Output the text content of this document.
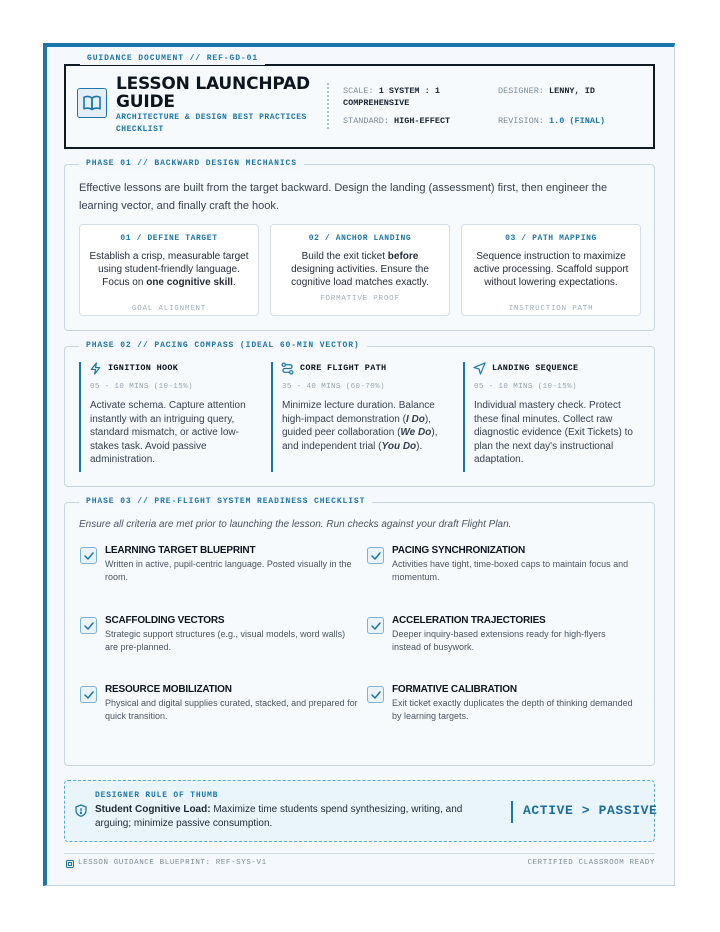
GUIDANCE DOCUMENT // REF-GD-01
LESSON LAUNCHPAD GUIDE
ARCHITECTURE & DESIGN BEST PRACTICES CHECKLIST
SCALE: 1 SYSTEM : 1 COMPREHENSIVE
STANDARD: HIGH-EFFECT
DESIGNER: LENNY, ID
REVISION: 1.0 (FINAL)
PHASE 01 // BACKWARD DESIGN MECHANICS
Effective lessons are built from the target backward. Design the landing (assessment) first, then engineer the learning vector, and finally craft the hook.
01 / DEFINE TARGET
Establish a crisp, measurable target using student-friendly language. Focus on one cognitive skill.
GOAL ALIGNMENT
02 / ANCHOR LANDING
Build the exit ticket before designing activities. Ensure the cognitive load matches exactly.
FORMATIVE PROOF
03 / PATH MAPPING
Sequence instruction to maximize active processing. Scaffold support without lowering expectations.
INSTRUCTION PATH
PHASE 02 // PACING COMPASS (IDEAL 60-MIN VECTOR)
IGNITION HOOK
05 - 10 MINS (10-15%)
Activate schema. Capture attention instantly with an intriguing query, standard mismatch, or active low-stakes task. Avoid passive administration.
CORE FLIGHT PATH
35 - 40 MINS (60-70%)
Minimize lecture duration. Balance high-impact demonstration (I Do), guided peer collaboration (We Do), and independent trial (You Do).
LANDING SEQUENCE
05 - 10 MINS (10-15%)
Individual mastery check. Protect these final minutes. Collect raw diagnostic evidence (Exit Tickets) to plan the next day's instructional adaptation.
PHASE 03 // PRE-FLIGHT SYSTEM READINESS CHECKLIST
Ensure all criteria are met prior to launching the lesson. Run checks against your draft Flight Plan.
LEARNING TARGET BLUEPRINT
Written in active, pupil-centric language. Posted visually in the room.
PACING SYNCHRONIZATION
Activities have tight, time-boxed caps to maintain focus and momentum.
SCAFFOLDING VECTORS
Strategic support structures (e.g., visual models, word walls) are pre-planned.
ACCELERATION TRAJECTORIES
Deeper inquiry-based extensions ready for high-flyers instead of busywork.
RESOURCE MOBILIZATION
Physical and digital supplies curated, stacked, and prepared for quick transition.
FORMATIVE CALIBRATION
Exit ticket exactly duplicates the depth of thinking demanded by learning targets.
DESIGNER RULE OF THUMB
Student Cognitive Load: Maximize time students spend synthesizing, writing, and arguing; minimize passive consumption.
ACTIVE > PASSIVE
LESSON GUIDANCE BLUEPRINT: REF-SYS-V1	CERTIFIED CLASSROOM READY
